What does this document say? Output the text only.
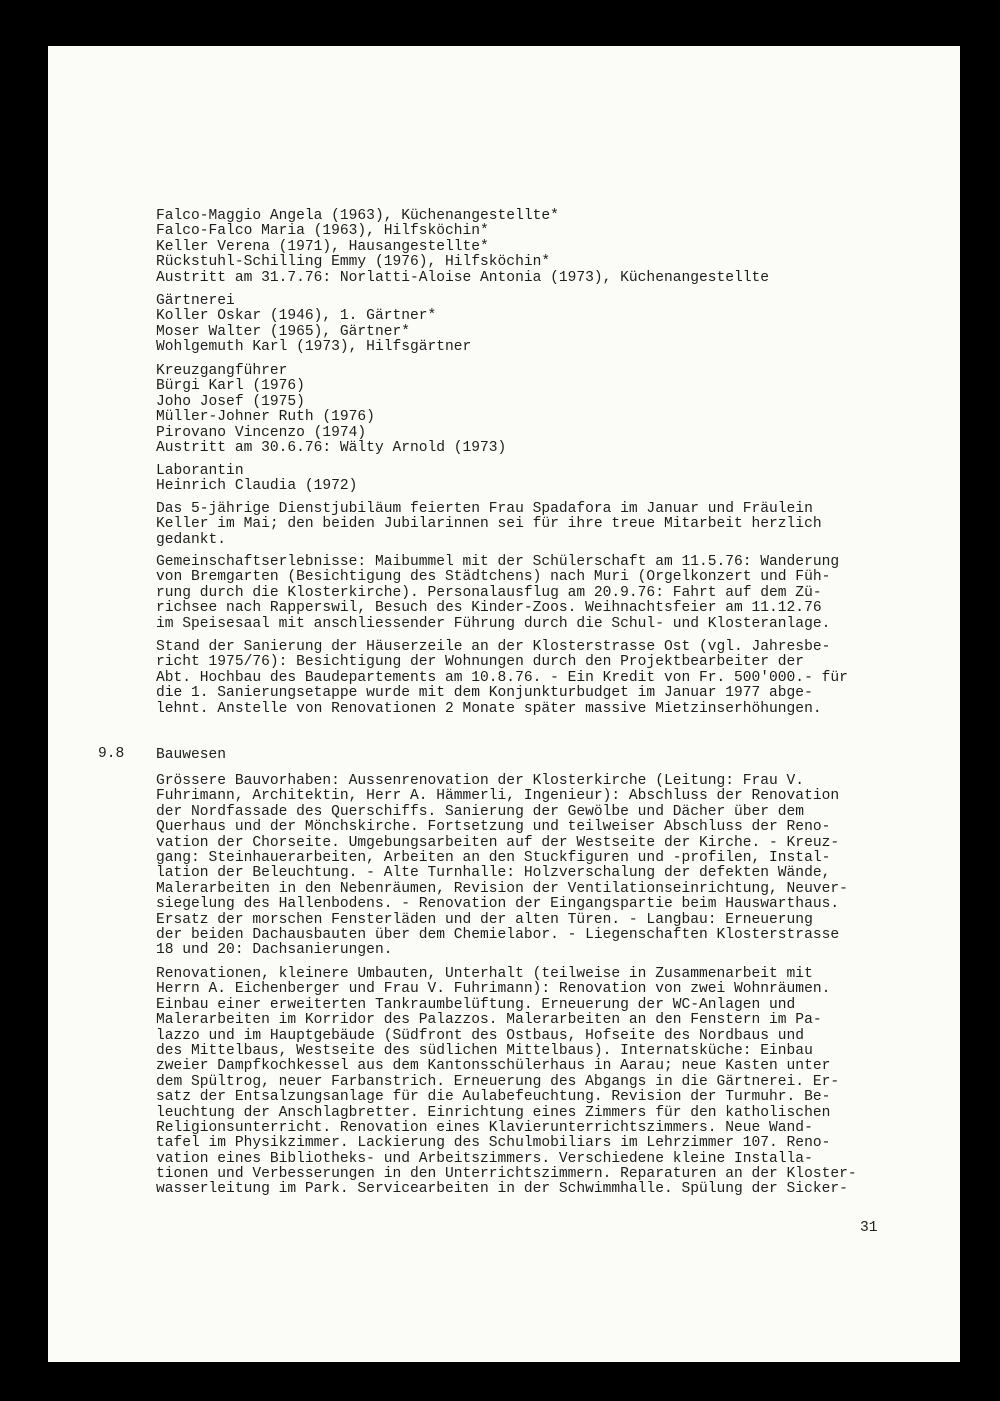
Falco-Maggio Angela (1963), Küchenangestellte*
Falco-Falco Maria (1963), Hilfsköchin*
Keller Verena (1971), Hausangestellte*
Rückstuhl-Schilling Emmy (1976), Hilfsköchin*
Austritt am 31.7.76: Norlatti-Aloise Antonia (1973), Küchenangestellte
Gärtnerei
Koller Oskar (1946), 1. Gärtner*
Moser Walter (1965), Gärtner*
Wohlgemuth Karl (1973), Hilfsgärtner
Kreuzgangführer
Bürgi Karl (1976)
Joho Josef (1975)
Müller-Johner Ruth (1976)
Pirovano Vincenzo (1974)
Austritt am 30.6.76: Wälty Arnold (1973)
Laborantin
Heinrich Claudia (1972)
Das 5-jährige Dienstjubiläum feierten Frau Spadafora im Januar und Fräulein
Keller im Mai; den beiden Jubilarinnen sei für ihre treue Mitarbeit herzlich
gedankt.
Gemeinschaftserlebnisse: Maibummel mit der Schülerschaft am 11.5.76: Wanderung
von Bremgarten (Besichtigung des Städtchens) nach Muri (Orgelkonzert und Füh-
rung durch die Klosterkirche). Personalausflug am 20.9.76: Fahrt auf dem Zü-
richsee nach Rapperswil, Besuch des Kinder-Zoos. Weihnachtsfeier am 11.12.76
im Speisesaal mit anschliessender Führung durch die Schul- und Klosteranlage.
Stand der Sanierung der Häuserzeile an der Klosterstrasse Ost (vgl. Jahresbe-
richt 1975/76): Besichtigung der Wohnungen durch den Projektbearbeiter der
Abt. Hochbau des Baudepartements am 10.8.76. - Ein Kredit von Fr. 500'000.- für
die 1. Sanierungsetappe wurde mit dem Konjunkturbudget im Januar 1977 abge-
lehnt. Anstelle von Renovationen 2 Monate später massive Mietzinserhöhungen.
9.8 Bauwesen
Grössere Bauvorhaben: Aussenrenovation der Klosterkirche (Leitung: Frau V.
Fuhrimann, Architektin, Herr A. Hämmerli, Ingenieur): Abschluss der Renovation
der Nordfassade des Querschiffs. Sanierung der Gewölbe und Dächer über dem
Querhaus und der Mönchskirche. Fortsetzung und teilweiser Abschluss der Reno-
vation der Chorseite. Umgebungsarbeiten auf der Westseite der Kirche. - Kreuz-
gang: Steinhauerarbeiten, Arbeiten an den Stuckfiguren und -profilen, Instal-
lation der Beleuchtung. - Alte Turnhalle: Holzverschalung der defekten Wände,
Malerarbeiten in den Nebenräumen, Revision der Ventilationseinrichtung, Neuver-
siegelung des Hallenbodens. - Renovation der Eingangspartie beim Hauswarthaus.
Ersatz der morschen Fensterläden und der alten Türen. - Langbau: Erneuerung
der beiden Dachausbauten über dem Chemielabor. - Liegenschaften Klosterstrasse
18 und 20: Dachsanierungen.
Renovationen, kleinere Umbauten, Unterhalt (teilweise in Zusammenarbeit mit
Herrn A. Eichenberger und Frau V. Fuhrimann): Renovation von zwei Wohnräumen.
Einbau einer erweiterten Tankraumbelüftung. Erneuerung der WC-Anlagen und
Malerarbeiten im Korridor des Palazzos. Malerarbeiten an den Fenstern im Pa-
lazzo und im Hauptgebäude (Südfront des Ostbaus, Hofseite des Nordbaus und
des Mittelbaus, Westseite des südlichen Mittelbaus). Internatsküche: Einbau
zweier Dampfkochkessel aus dem Kantonsschülerhaus in Aarau; neue Kasten unter
dem Spültrog, neuer Farbanstrich. Erneuerung des Abgangs in die Gärtnerei. Er-
satz der Entsalzungsanlage für die Aulabefeuchtung. Revision der Turmuhr. Be-
leuchtung der Anschlagbretter. Einrichtung eines Zimmers für den katholischen
Religionsunterricht. Renovation eines Klavierunterrichtszimmers. Neue Wand-
tafel im Physikzimmer. Lackierung des Schulmobiliars im Lehrzimmer 107. Reno-
vation eines Bibliotheks- und Arbeitszimmers. Verschiedene kleine Installa-
tionen und Verbesserungen in den Unterrichtszimmern. Reparaturen an der Kloster-
wasserleitung im Park. Servicearbeiten in der Schwimmhalle. Spülung der Sicker-
31
